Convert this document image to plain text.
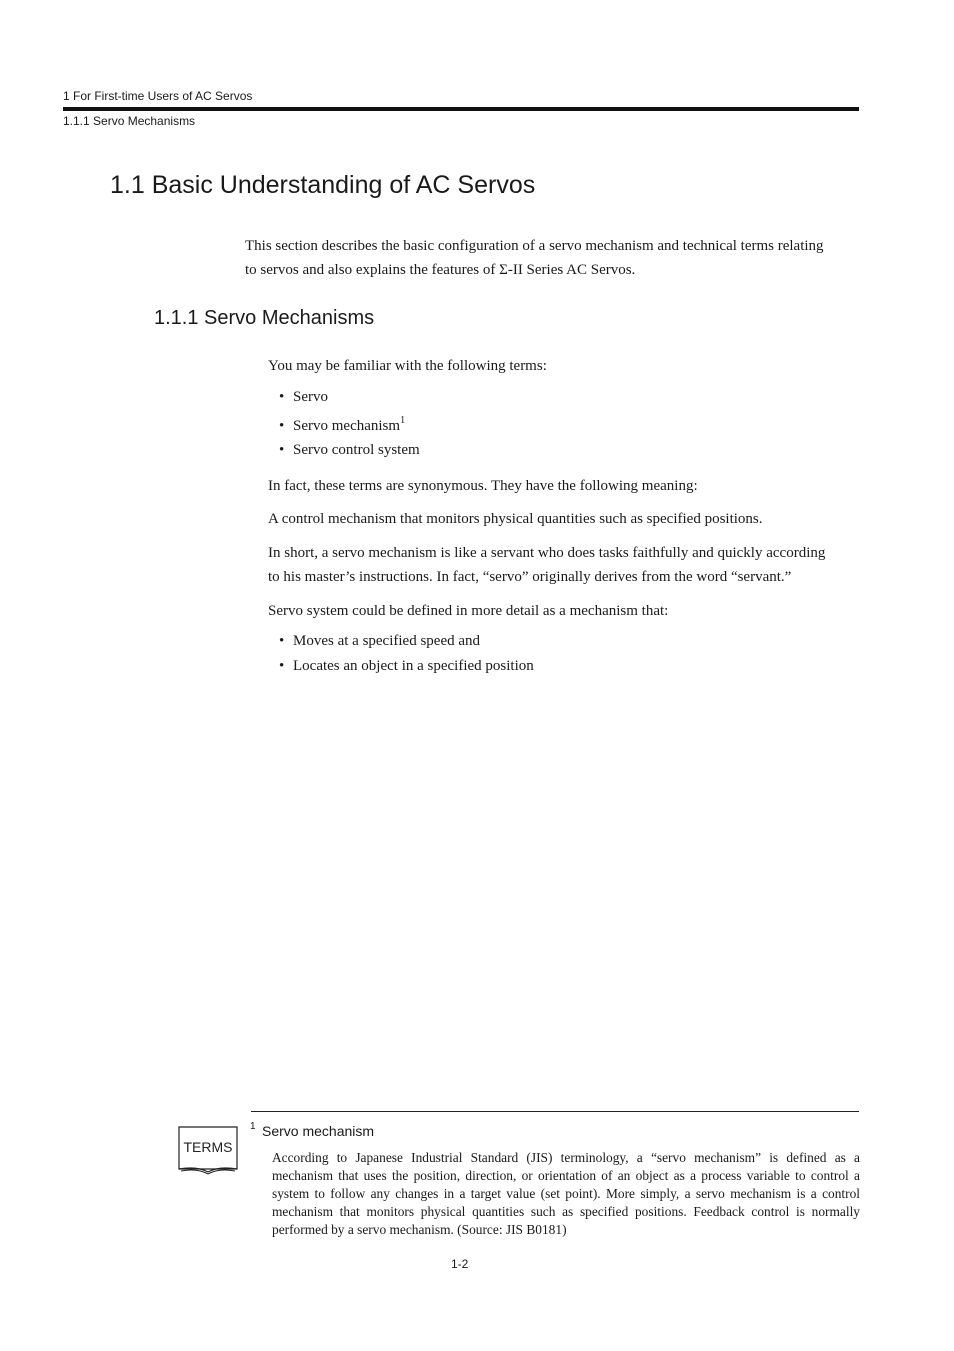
1 For First-time Users of AC Servos
1.1.1 Servo Mechanisms
1.1 Basic Understanding of AC Servos
This section describes the basic configuration of a servo mechanism and technical terms relating
to servos and also explains the features of Σ-II Series AC Servos.
1.1.1 Servo Mechanisms

You may be familiar with the following terms:

• Servo
• Servo mechanism$^1$
• Servo control system

In fact, these terms are synonymous. They have the following meaning:

A control mechanism that monitors physical quantities such as specified positions.

In short, a servo mechanism is like a servant who does tasks faithfully and quickly according
to his master’s instructions. In fact, “servo” originally derives from the word “servant.”

Servo system could be defined in more detail as a mechanism that:

• Moves at a specified speed and
• Locates an object in a specified position
TERMS
1 Servo mechanism

According to Japanese Industrial Standard (JIS) terminology, a “servo mechanism” is defined as a mechanism that uses the position, direction, or orientation of an object as a process variable to control a system to follow any changes in a target value (set point). More simply, a servo mechanism is a control mechanism that monitors physical quantities such as specified positions. Feedback control is normally performed by a servo mechanism. (Source: JIS B0181)

1-2
